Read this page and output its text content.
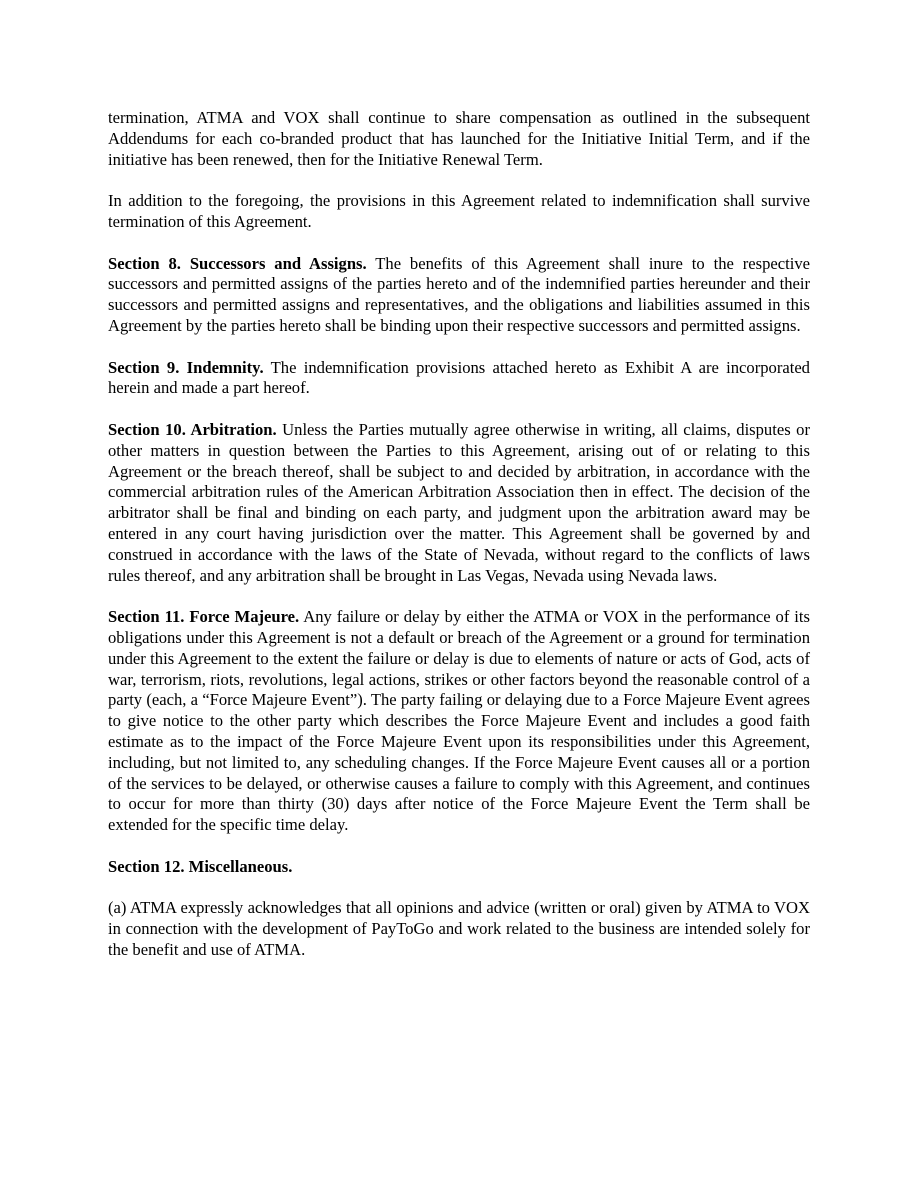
termination, ATMA and VOX shall continue to share compensation as outlined in the subsequent Addendums for each co-branded product that has launched for the Initiative Initial Term, and if the initiative has been renewed, then for the Initiative Renewal Term.

In addition to the foregoing, the provisions in this Agreement related to indemnification shall survive termination of this Agreement.

Section 8. Successors and Assigns. The benefits of this Agreement shall inure to the respective successors and permitted assigns of the parties hereto and of the indemnified parties hereunder and their successors and permitted assigns and representatives, and the obligations and liabilities assumed in this Agreement by the parties hereto shall be binding upon their respective successors and permitted assigns.

Section 9. Indemnity. The indemnification provisions attached hereto as Exhibit A are incorporated herein and made a part hereof.

Section 10. Arbitration. Unless the Parties mutually agree otherwise in writing, all claims, disputes or other matters in question between the Parties to this Agreement, arising out of or relating to this Agreement or the breach thereof, shall be subject to and decided by arbitration, in accordance with the commercial arbitration rules of the American Arbitration Association then in effect. The decision of the arbitrator shall be final and binding on each party, and judgment upon the arbitration award may be entered in any court having jurisdiction over the matter. This Agreement shall be governed by and construed in accordance with the laws of the State of Nevada, without regard to the conflicts of laws rules thereof, and any arbitration shall be brought in Las Vegas, Nevada using Nevada laws.

Section 11. Force Majeure. Any failure or delay by either the ATMA or VOX in the performance of its obligations under this Agreement is not a default or breach of the Agreement or a ground for termination under this Agreement to the extent the failure or delay is due to elements of nature or acts of God, acts of war, terrorism, riots, revolutions, legal actions, strikes or other factors beyond the reasonable control of a party (each, a “Force Majeure Event”). The party failing or delaying due to a Force Majeure Event agrees to give notice to the other party which describes the Force Majeure Event and includes a good faith estimate as to the impact of the Force Majeure Event upon its responsibilities under this Agreement, including, but not limited to, any scheduling changes. If the Force Majeure Event causes all or a portion of the services to be delayed, or otherwise causes a failure to comply with this Agreement, and continues to occur for more than thirty (30) days after notice of the Force Majeure Event the Term shall be extended for the specific time delay.

Section 12. Miscellaneous.

(a) ATMA expressly acknowledges that all opinions and advice (written or oral) given by ATMA to VOX in connection with the development of PayToGo and work related to the business are intended solely for the benefit and use of ATMA.
